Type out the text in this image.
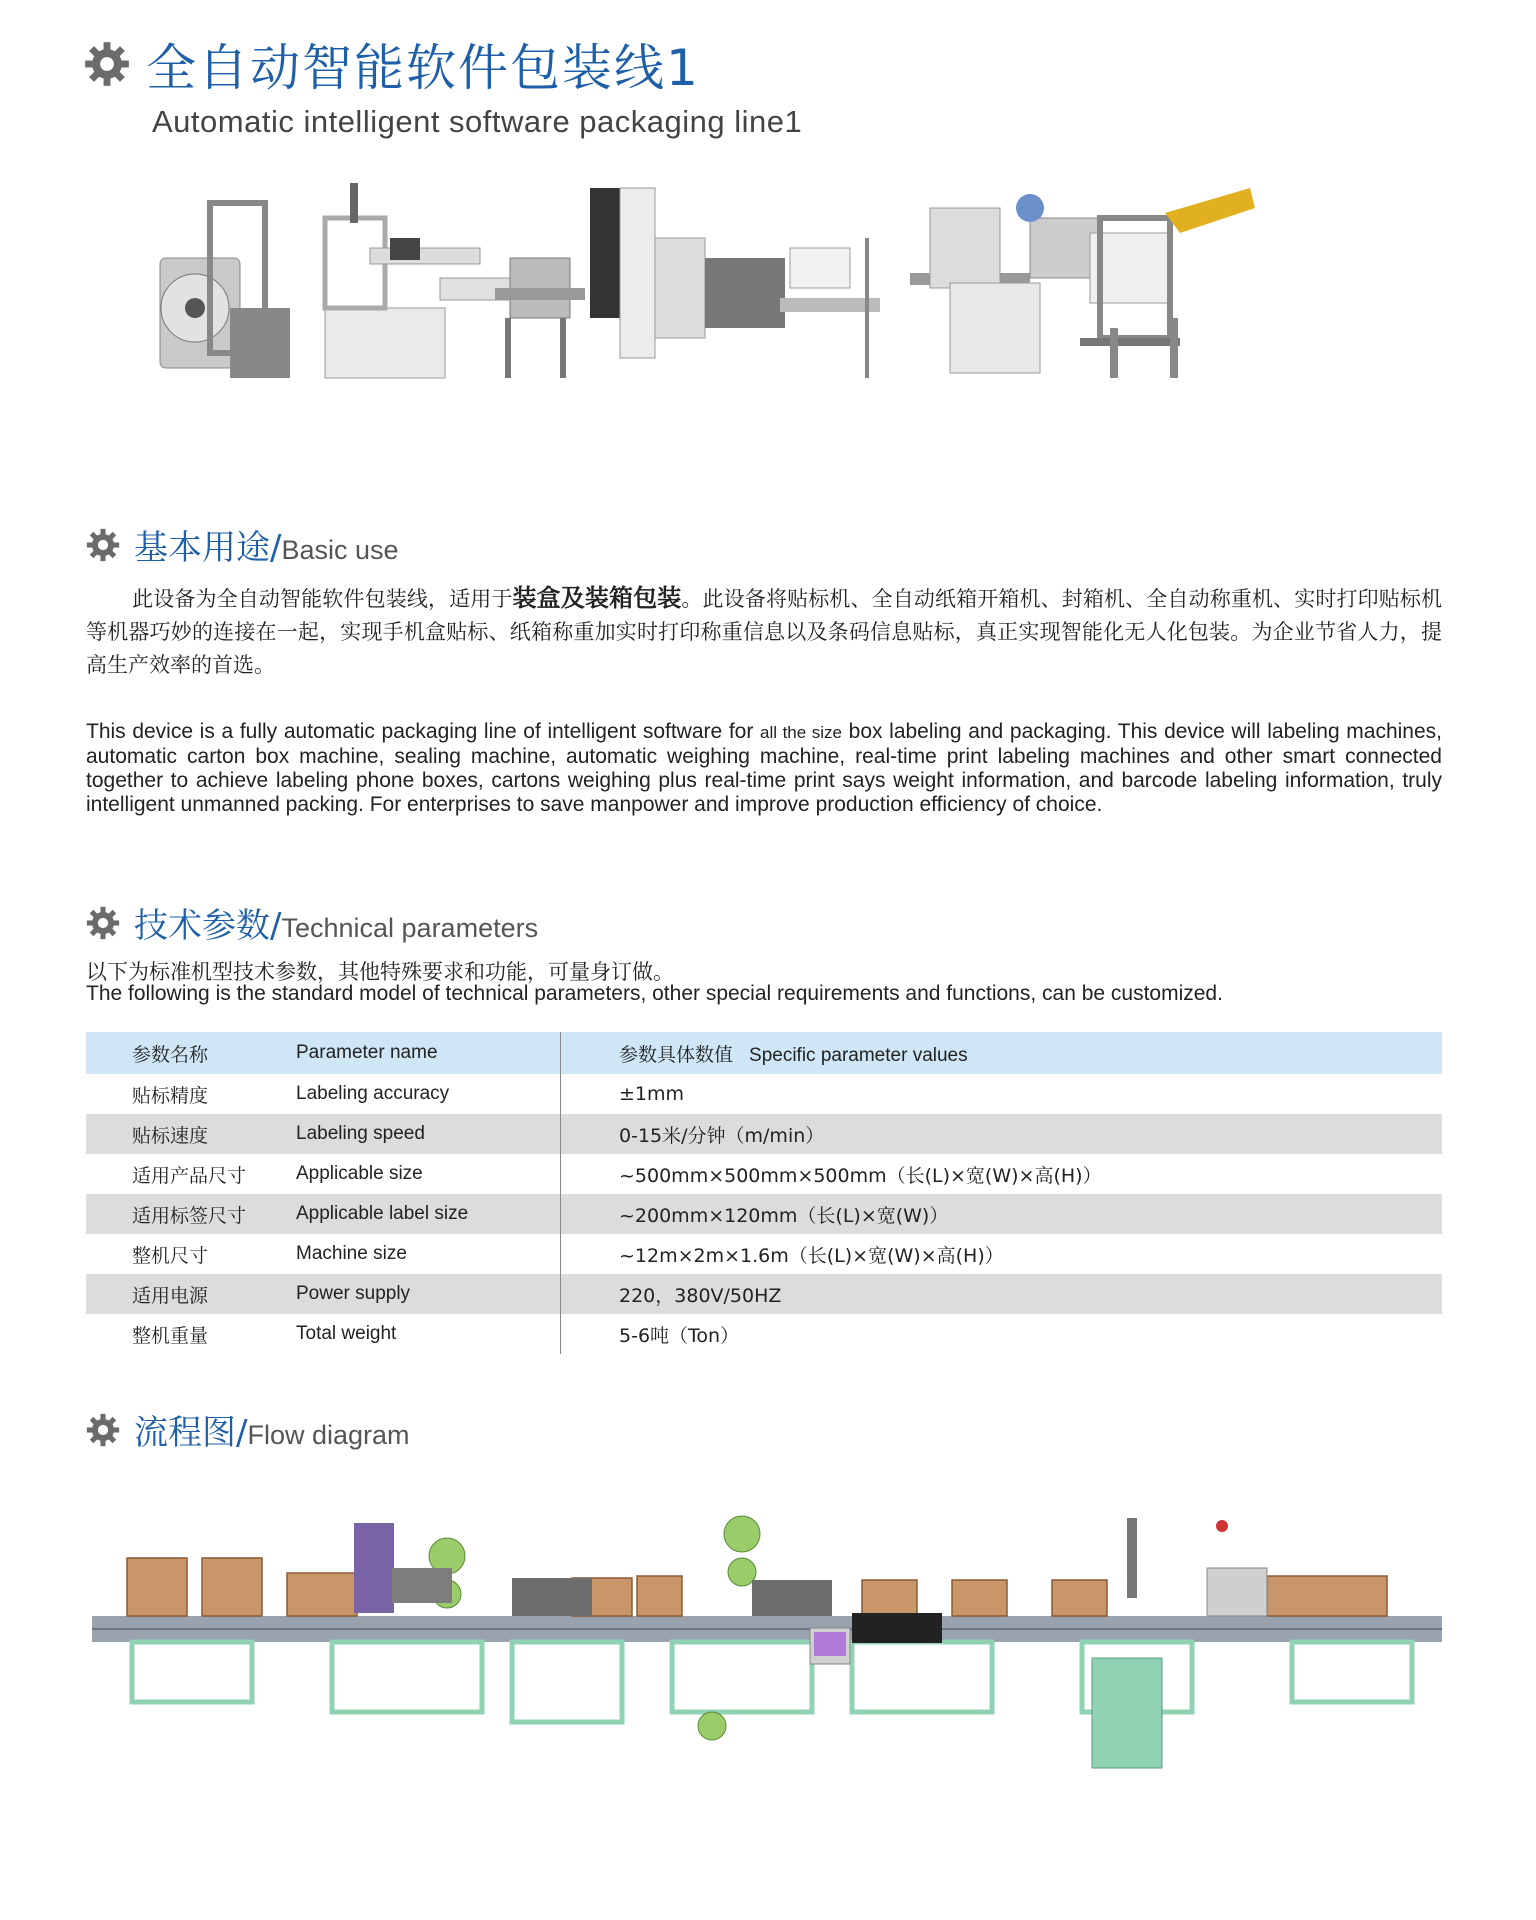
全自动智能软件包装线1
Automatic intelligent software packaging line1
基本用途/Basic use
此设备为全自动智能软件包装线，适用于装盒及装箱包装。此设备将贴标机、全自动纸箱开箱机、封箱机、全自动称重机、实时打印贴标机等机器巧妙的连接在一起，实现手机盒贴标、纸箱称重加实时打印称重信息以及条码信息贴标，真正实现智能化无人化包装。为企业节省人力，提高生产效率的首选。
This device is a fully automatic packaging line of intelligent software for all the size box labeling and packaging. This device will labeling machines, automatic carton box machine, sealing machine, automatic weighing machine, real-time print labeling machines and other smart connected together to achieve labeling phone boxes, cartons weighing plus real-time print says weight information, and barcode labeling information, truly intelligent unmanned packing. For enterprises to save manpower and improve production efficiency of choice.
技术参数/Technical parameters
以下为标准机型技术参数，其他特殊要求和功能，可量身订做。
The following is the standard model of technical parameters, other special requirements and functions, can be customized.
参数名称	Parameter name	参数具体数值 Specific parameter values
贴标精度	Labeling accuracy	±1mm
贴标速度	Labeling speed	0-15米/分钟（m/min）
适用产品尺寸	Applicable size	~500mm×500mm×500mm（长(L)×宽(W)×高(H)）
适用标签尺寸	Applicable label size	~200mm×120mm（长(L)×宽(W)）
整机尺寸	Machine size	~12m×2m×1.6m（长(L)×宽(W)×高(H)）
适用电源	Power supply	220，380V/50HZ
整机重量	Total weight	5-6吨（Ton）
流程图/Flow diagram
